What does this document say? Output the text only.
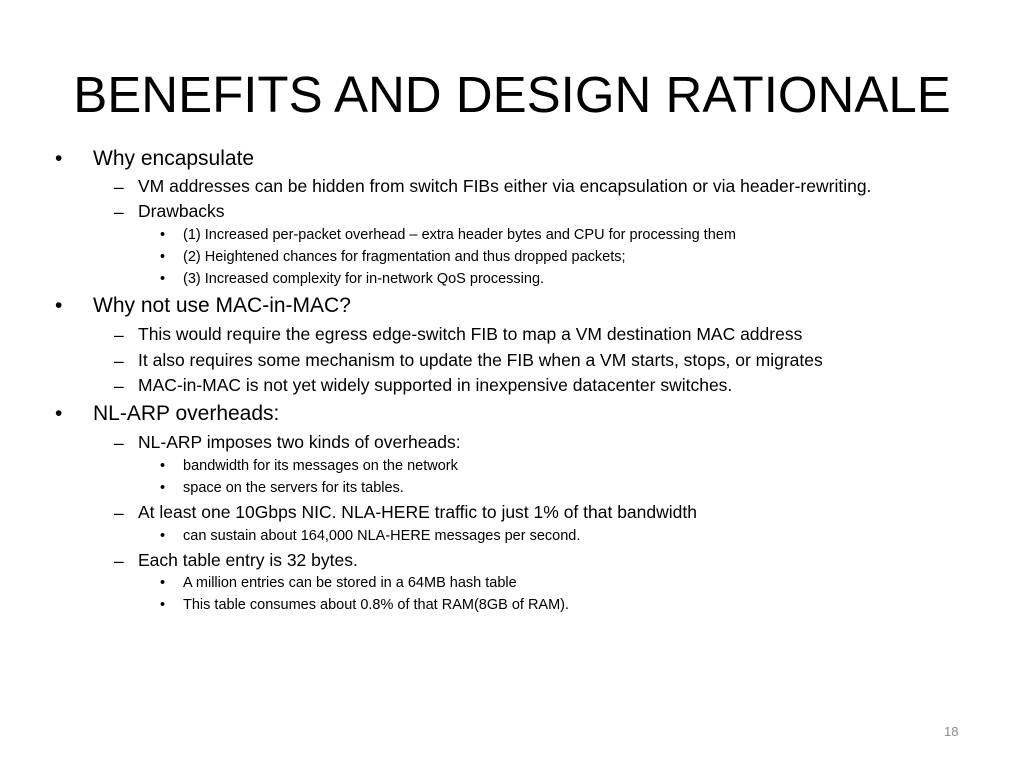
BENEFITS AND DESIGN RATIONALE
• Why encapsulate
– VM addresses can be hidden from switch FIBs either via encapsulation or via header-rewriting.
– Drawbacks
• (1) Increased per-packet overhead – extra header bytes and CPU for processing them
• (2) Heightened chances for fragmentation and thus dropped packets;
• (3) Increased complexity for in-network QoS processing.
• Why not use MAC-in-MAC?
– This would require the egress edge-switch FIB to map a VM destination MAC address
– It also requires some mechanism to update the FIB when a VM starts, stops, or migrates
– MAC-in-MAC is not yet widely supported in inexpensive datacenter switches.
• NL-ARP overheads:
– NL-ARP imposes two kinds of overheads:
• bandwidth for its messages on the network
• space on the servers for its tables.
– At least one 10Gbps NIC. NLA-HERE traffic to just 1% of that bandwidth
• can sustain about 164,000 NLA-HERE messages per second.
– Each table entry is 32 bytes.
• A million entries can be stored in a 64MB hash table
• This table consumes about 0.8% of that RAM(8GB of RAM).
18
